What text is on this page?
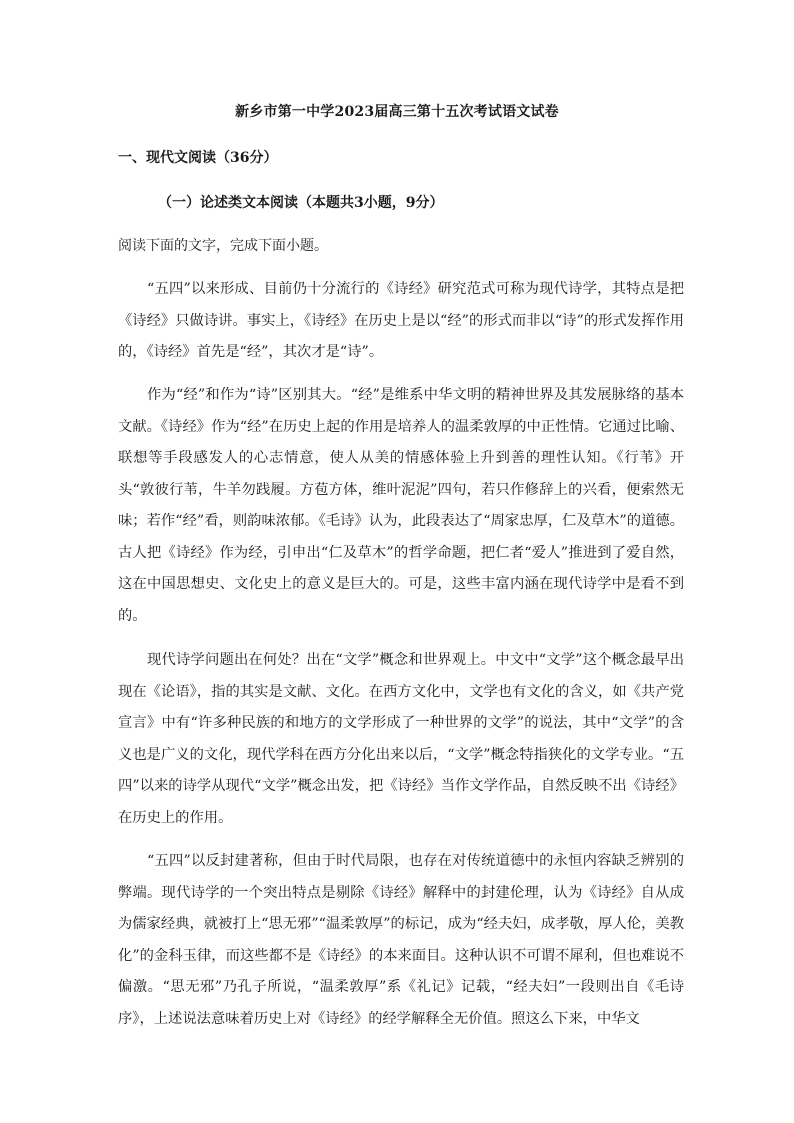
新乡市第一中学2023届高三第十五次考试语文试卷
一、现代文阅读（36分）
（一）论述类文本阅读（本题共3小题，9分）
阅读下面的文字，完成下面小题。

“五四”以来形成、目前仍十分流行的《诗经》研究范式可称为现代诗学，其特点是把《诗经》只做诗讲。事实上，《诗经》在历史上是以“经”的形式而非以“诗”的形式发挥作用的，《诗经》首先是“经”，其次才是“诗”。

作为“经”和作为“诗”区别其大。“经”是维系中华文明的精神世界及其发展脉络的基本文献。《诗经》作为“经”在历史上起的作用是培养人的温柔敦厚的中正性情。它通过比喻、联想等手段感发人的心志情意，使人从美的情感体验上升到善的理性认知。《行苇》开头“敦彼行苇，牛羊勿践履。方苞方体，维叶泥泥”四句，若只作修辞上的兴看，便索然无味；若作“经”看，则韵味浓郁。《毛诗》认为，此段表达了“周家忠厚，仁及草木”的道德。古人把《诗经》作为经，引申出“仁及草木”的哲学命题，把仁者“爱人”推进到了爱自然，这在中国思想史、文化史上的意义是巨大的。可是，这些丰富内涵在现代诗学中是看不到的。

现代诗学问题出在何处？出在“文学”概念和世界观上。中文中“文学”这个概念最早出现在《论语》，指的其实是文献、文化。在西方文化中，文学也有文化的含义，如《共产党宣言》中有“许多种民族的和地方的文学形成了一种世界的文学”的说法，其中“文学”的含义也是广义的文化，现代学科在西方分化出来以后，“文学”概念特指狭化的文学专业。“五四”以来的诗学从现代“文学”概念出发，把《诗经》当作文学作品，自然反映不出《诗经》在历史上的作用。

“五四”以反封建著称，但由于时代局限，也存在对传统道德中的永恒内容缺乏辨别的弊端。现代诗学的一个突出特点是剔除《诗经》解释中的封建伦理，认为《诗经》自从成为儒家经典，就被打上“思无邪”“温柔敦厚”的标记，成为“经夫妇，成孝敬，厚人伦，美教化”的金科玉律，而这些都不是《诗经》的本来面目。这种认识不可谓不犀利，但也难说不偏激。“思无邪”乃孔子所说，“温柔敦厚”系《礼记》记载，“经夫妇”一段则出自《毛诗序》，上述说法意味着历史上对《诗经》的经学解释全无价值。照这么下来，中华文
